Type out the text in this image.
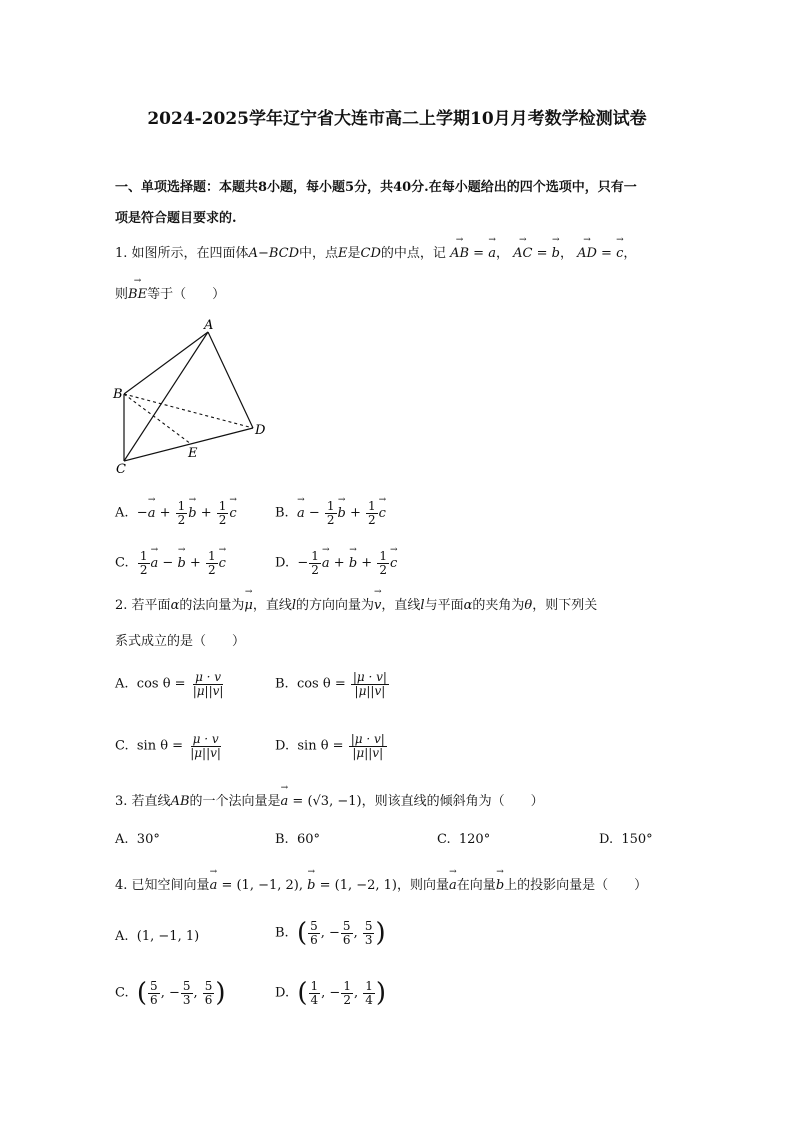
2024-2025学年辽宁省大连市高二上学期10月月考数学检测试卷
一、单项选择题：本题共8小题，每小题5分，共40分.在每小题给出的四个选项中，只有一
项是符合题目要求的.
1. 如图所示，在四面体A−BCD中，点E是CD的中点，记 → AB = → a， → AC = → b， → AD = → c，
则→ BE等于（　　）
A
B
C
D
E
A.  −→ $a + \frac{1}{2}$
→ $b + \frac{1}{2}$
→ c	B.  → $a - \frac{1}{2}$
→ $b + \frac{1}{2}$
→ c
C. $\frac{1}{2}$
→ a − → $b + \frac{1}{2}$
→ c	D.  − $\frac{1}{2}$
→ a + → $b + \frac{1}{2}$
→ c
2. 若平面α的法向量为→ μ，直线l的方向向量为→ v，直线l与平面α的夹角为θ，则下列关
系式成立的是（　　）
A. $\cos \theta = \frac{\mu \cdot v}{|\mu||v|}$	B. $\cos \theta = \frac{|\mu \cdot v|}{|\mu||v|}$
C. $\sin \theta = \frac{\mu \cdot v}{|\mu||v|}$	D. $\sin \theta = \frac{|\mu \cdot v|}{|\mu||v|}$
3. 若直线AB的一个法向量是→ a = (√3, −1)，则该直线的倾斜角为（　　）
A. 30°	B. 60°	C. 120°	D. 150°
4. 已知空间向量→ a = (1, −1, 2), → b = (1, −2, 1)，则向量→ a在向量→ b上的投影向量是（　　）
A. (1, −1, 1)	B. ( $\frac{5}{6}$ , − $\frac{5}{6}$ , $\frac{5}{3}$ )
C. ( $\frac{5}{6}$ , − $\frac{5}{3}$ , $\frac{5}{6}$ )	D. ( $\frac{1}{4}$ , − $\frac{1}{2}$ , $\frac{1}{4}$ )
